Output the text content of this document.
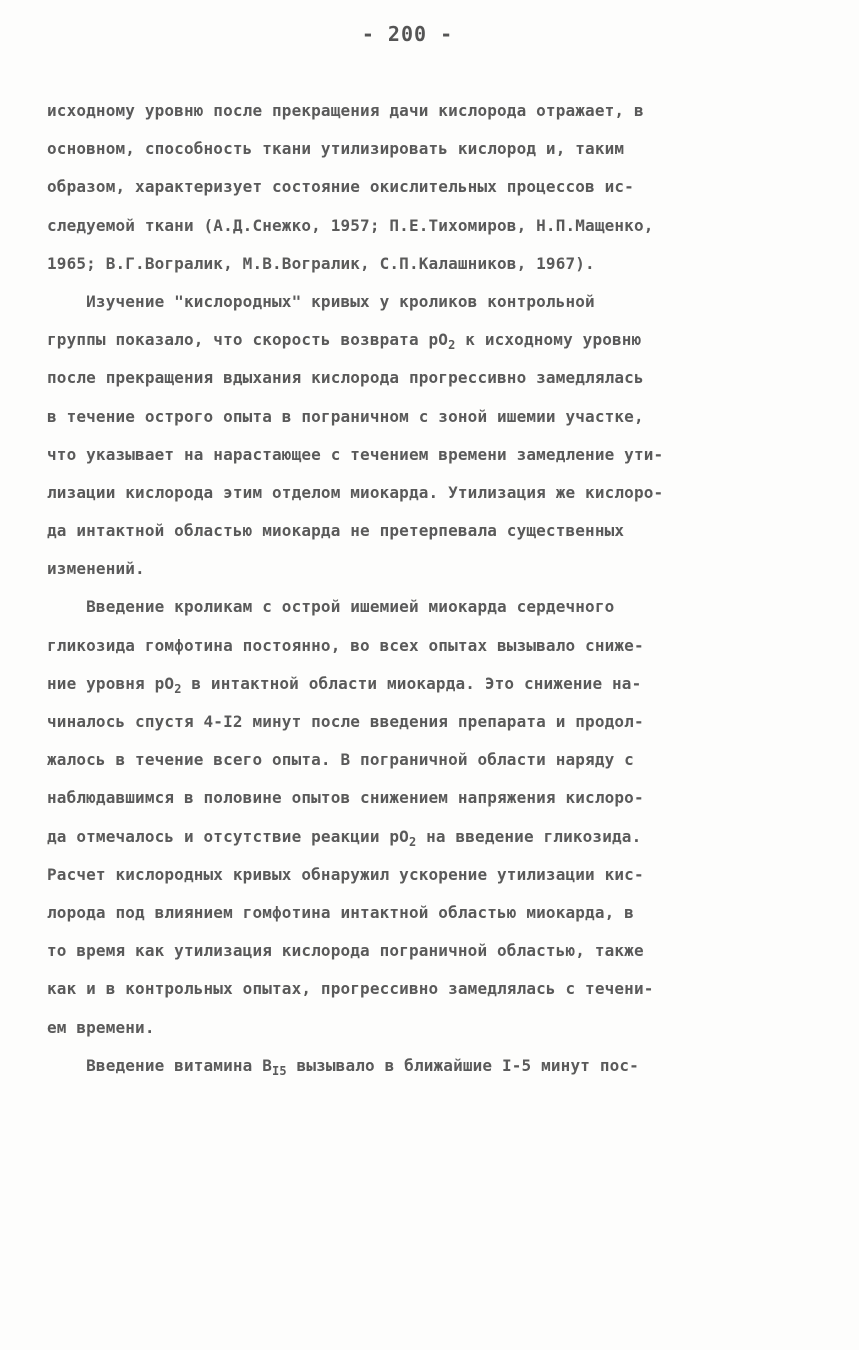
- 200 -
исходному уровню после прекращения дачи кислорода отражает, в
основном, способность ткани утилизировать кислород и, таким
образом, характеризует состояние окислительных процессов ис-
следуемой ткани (А.Д.Снежко, 1957; П.Е.Тихомиров, Н.П.Мащенко,
1965; В.Г.Вогралик, М.В.Вогралик, С.П.Калашников, 1967).
Изучение "кислородных" кривых у кроликов контрольной
группы показало, что скорость возврата $pO_2$ к исходному уровню
после прекращения вдыхания кислорода прогрессивно замедлялась
в течение острого опыта в пограничном с зоной ишемии участке,
что указывает на нарастающее с течением времени замедление ути-
лизации кислорода этим отделом миокарда. Утилизация же кислоро-
да интактной областью миокарда не претерпевала существенных
изменений.
Введение кроликам с острой ишемией миокарда сердечного
гликозида гомфотина постоянно, во всех опытах вызывало сниже-
ние уровня $pO_2$ в интактной области миокарда. Это снижение на-
чиналось спустя 4-I2 минут после введения препарата и продол-
жалось в течение всего опыта. В пограничной области наряду с
наблюдавшимся в половине опытов снижением напряжения кислоро-
да отмечалось и отсутствие реакции $pO_2$ на введение гликозида.
Расчет кислородных кривых обнаружил ускорение утилизации кис-
лорода под влиянием гомфотина интактной областью миокарда, в
то время как утилизация кислорода пограничной областью, также
как и в контрольных опытах, прогрессивно замедлялась с течени-
ем времени.
Введение витамина $B_{I5}$ вызывало в ближайшие I-5 минут пос-
